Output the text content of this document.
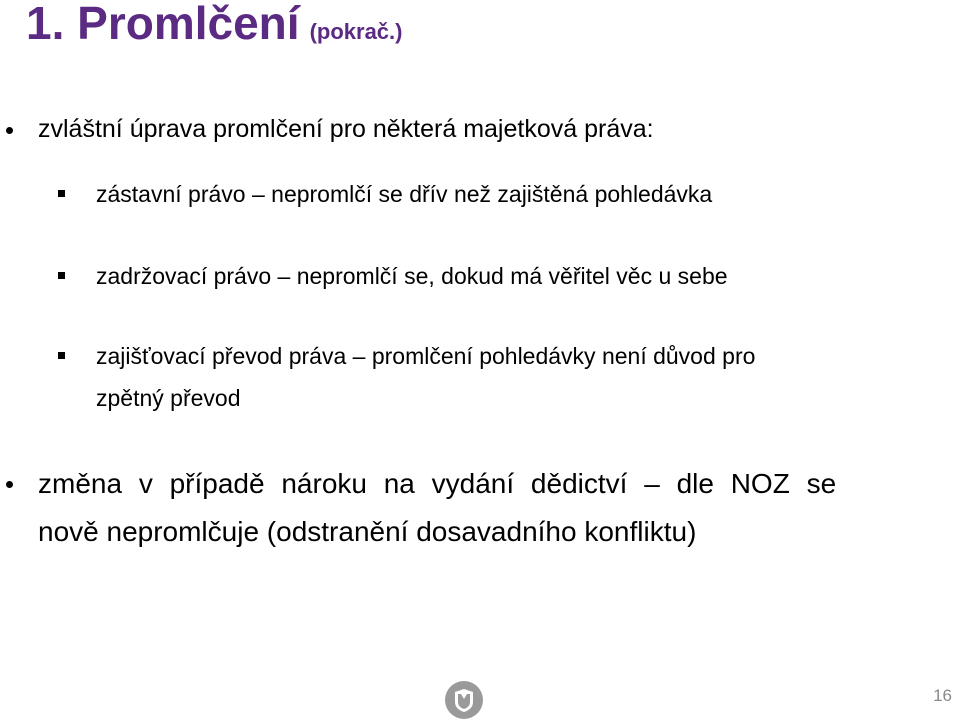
1. Promlčení (pokrač.)
zvláštní úprava promlčení pro některá majetková práva:
zástavní právo – nepromlčí se dřív než zajištěná pohledávka
zadržovací právo – nepromlčí se, dokud má věřitel věc u sebe
zajišťovací převod práva – promlčení pohledávky není důvod pro
zpětný převod
změna v případě nároku na vydání dědictví – dle NOZ se
nově nepromlčuje (odstranění dosavadního konfliktu)
16
